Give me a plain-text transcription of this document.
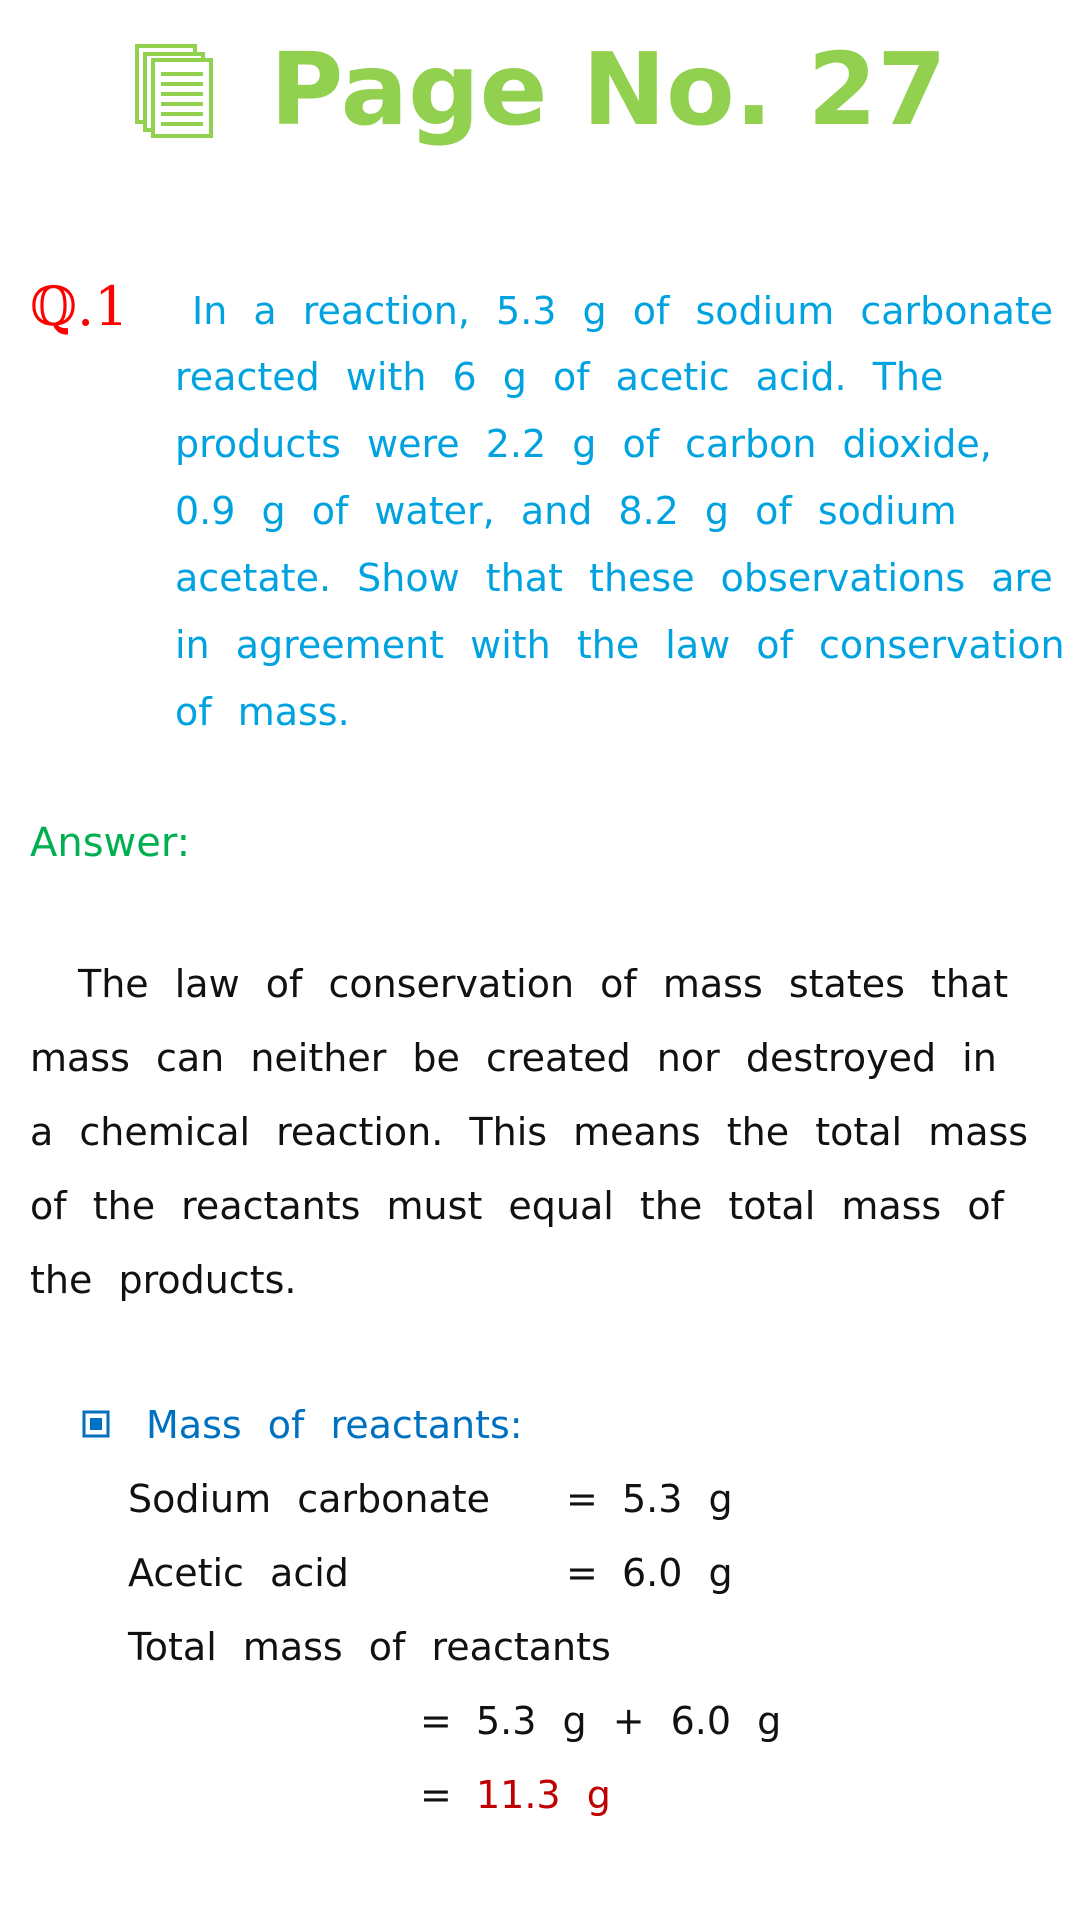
Page No. 27
ℚ.1 In a reaction, 5.3 g of sodium carbonate
reacted with 6 g of acetic acid. The
products were 2.2 g of carbon dioxide,
0.9 g of water, and 8.2 g of sodium
acetate. Show that these observations are
in agreement with the law of conservation
of mass.
Answer:
The law of conservation of mass states that
mass can neither be created nor destroyed in
a chemical reaction. This means the total mass
of the reactants must equal the total mass of
the products.
Mass of reactants:
Sodium carbonate = 5.3 g
Acetic acid	= 6.0 g
Total mass of reactants
= 5.3 g + 6.0 g
= 11.3 g
